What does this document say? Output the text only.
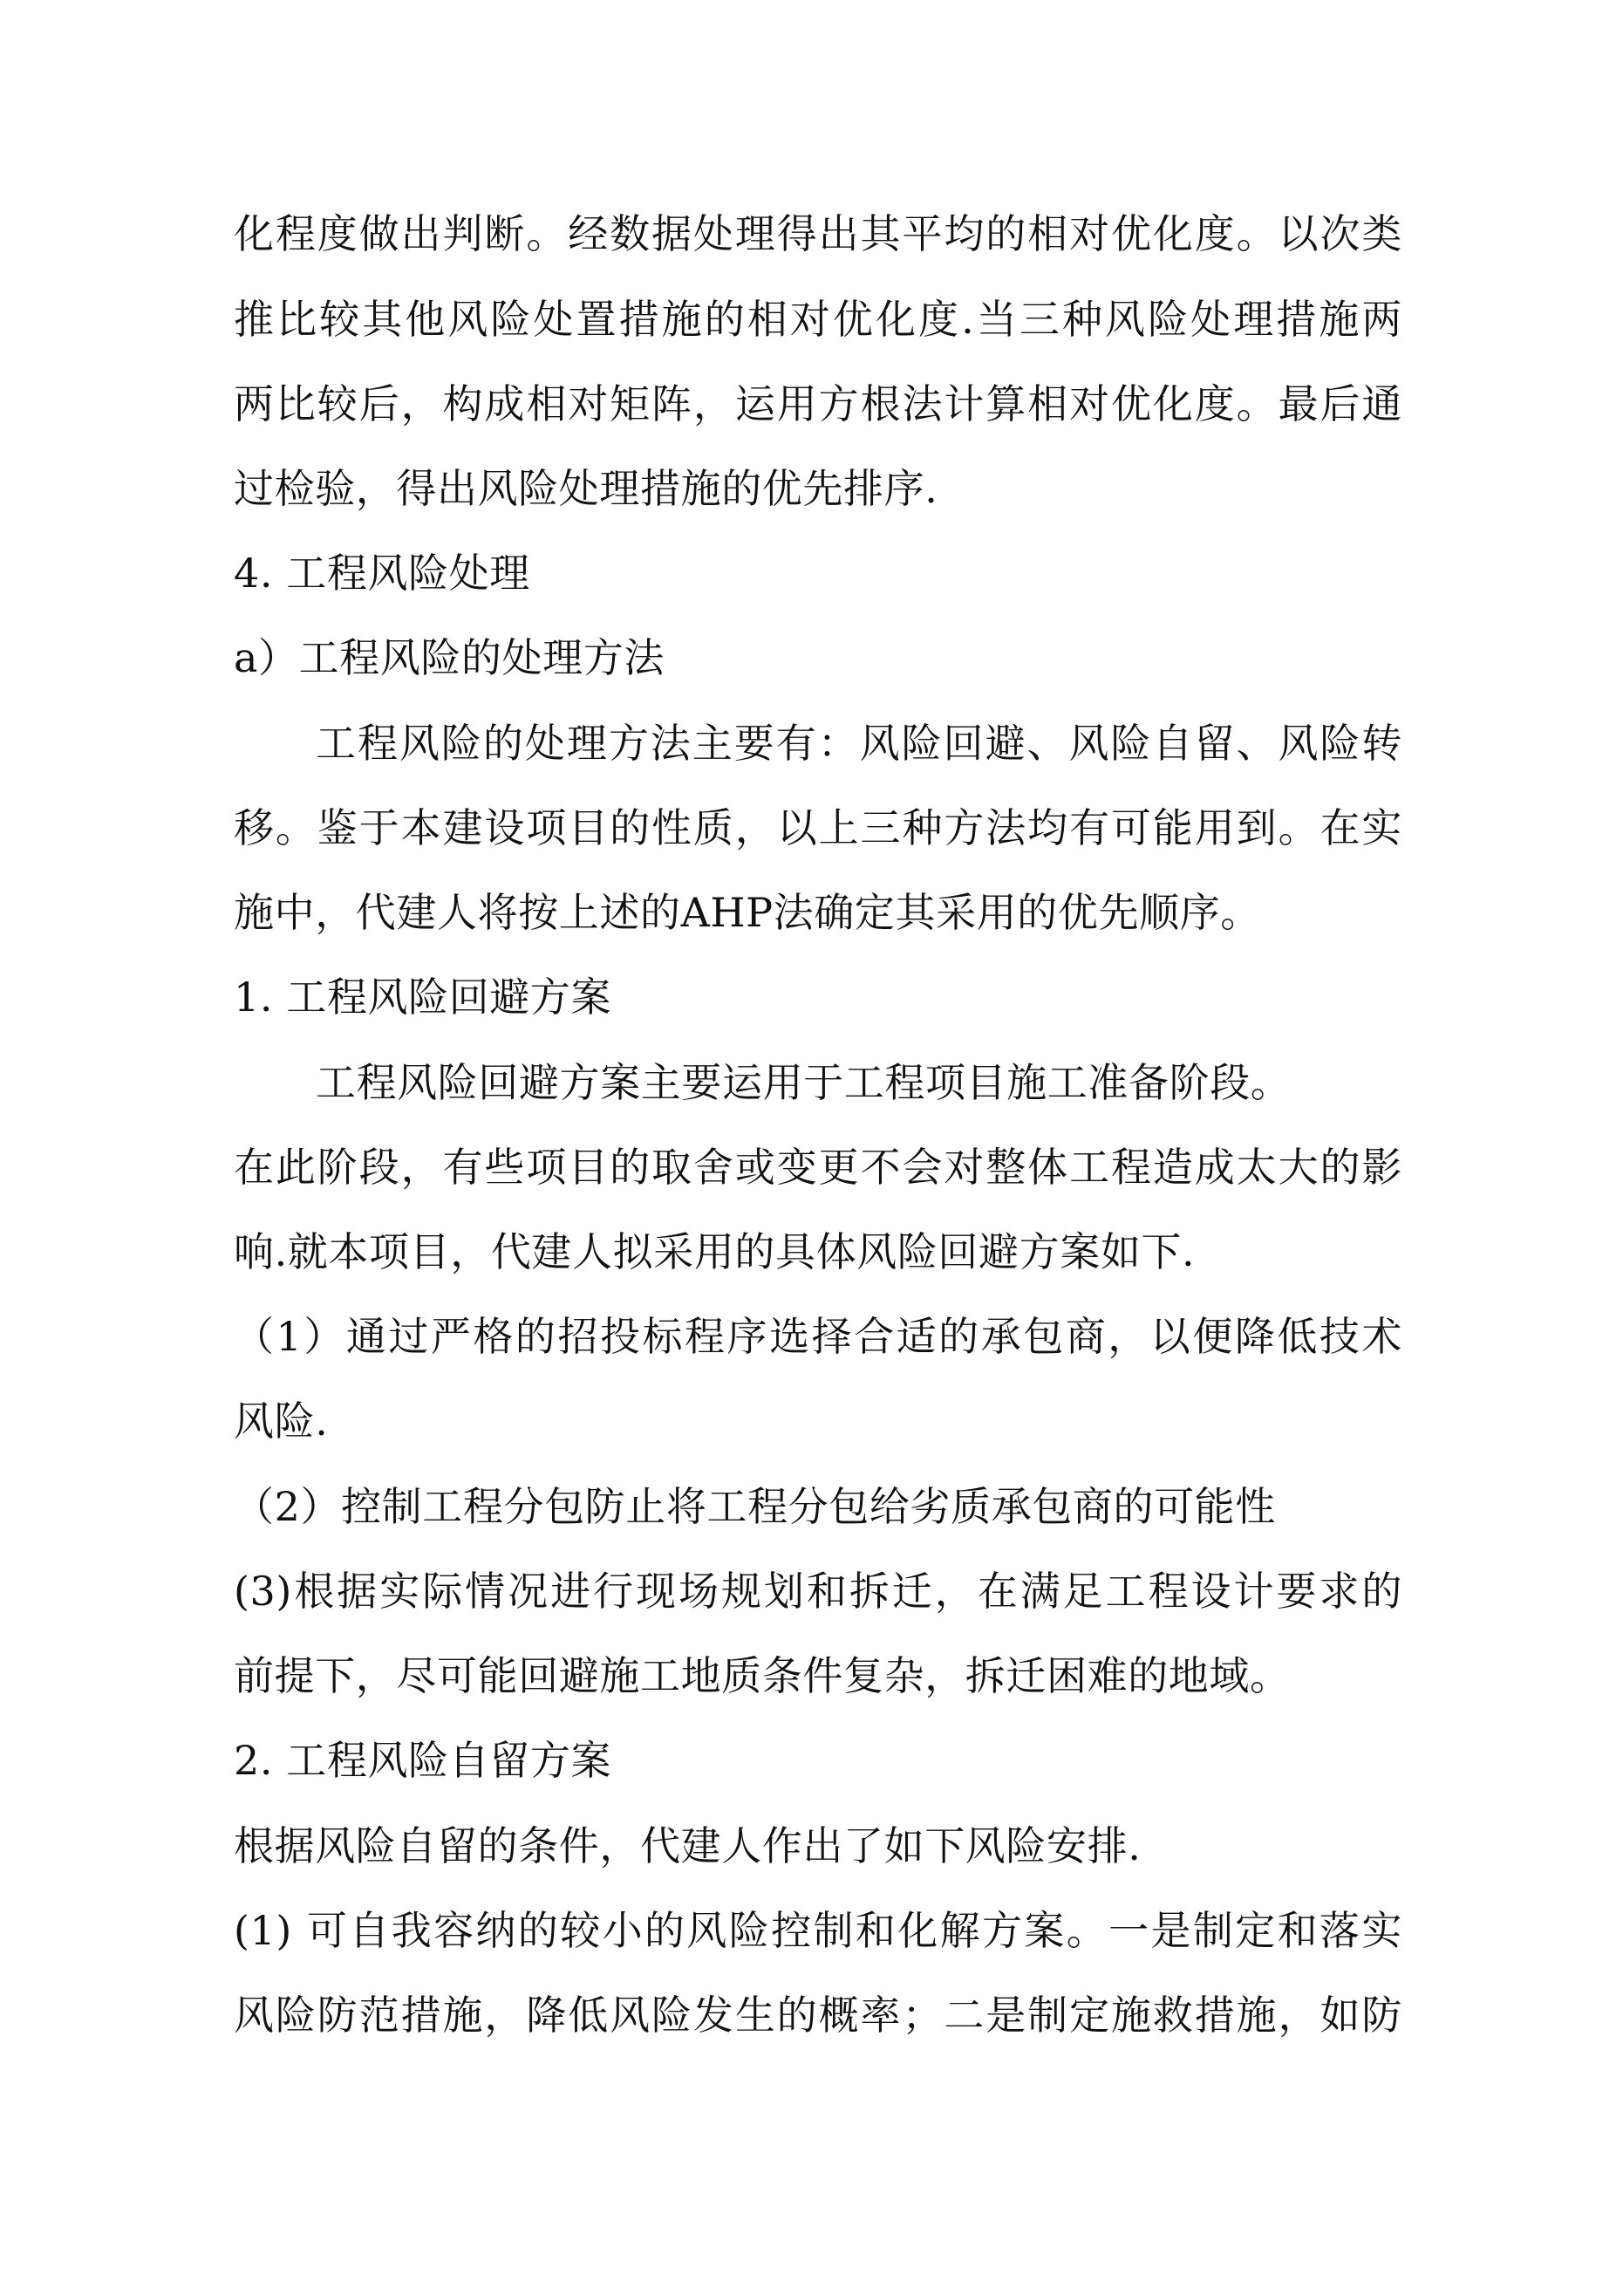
化程度做出判断。经数据处理得出其平均的相对优化度。以次类
推比较其他风险处置措施的相对优化度.当三种风险处理措施两
两比较后，构成相对矩阵，运用方根法计算相对优化度。最后通
过检验，得出风险处理措施的优先排序.
4. 工程风险处理
a）工程风险的处理方法
工程风险的处理方法主要有：风险回避、风险自留、风险转
移。鉴于本建设项目的性质，以上三种方法均有可能用到。在实
施中，代建人将按上述的AHP法确定其采用的优先顺序。
1. 工程风险回避方案
工程风险回避方案主要运用于工程项目施工准备阶段。
在此阶段，有些项目的取舍或变更不会对整体工程造成太大的影
响.就本项目，代建人拟采用的具体风险回避方案如下.
（1）通过严格的招投标程序选择合适的承包商，以便降低技术
风险.
（2）控制工程分包防止将工程分包给劣质承包商的可能性
(3)根据实际情况进行现场规划和拆迁，在满足工程设计要求的
前提下，尽可能回避施工地质条件复杂，拆迁困难的地域。
2. 工程风险自留方案
根据风险自留的条件，代建人作出了如下风险安排.
(1) 可自我容纳的较小的风险控制和化解方案。一是制定和落实
风险防范措施，降低风险发生的概率；二是制定施救措施，如防
